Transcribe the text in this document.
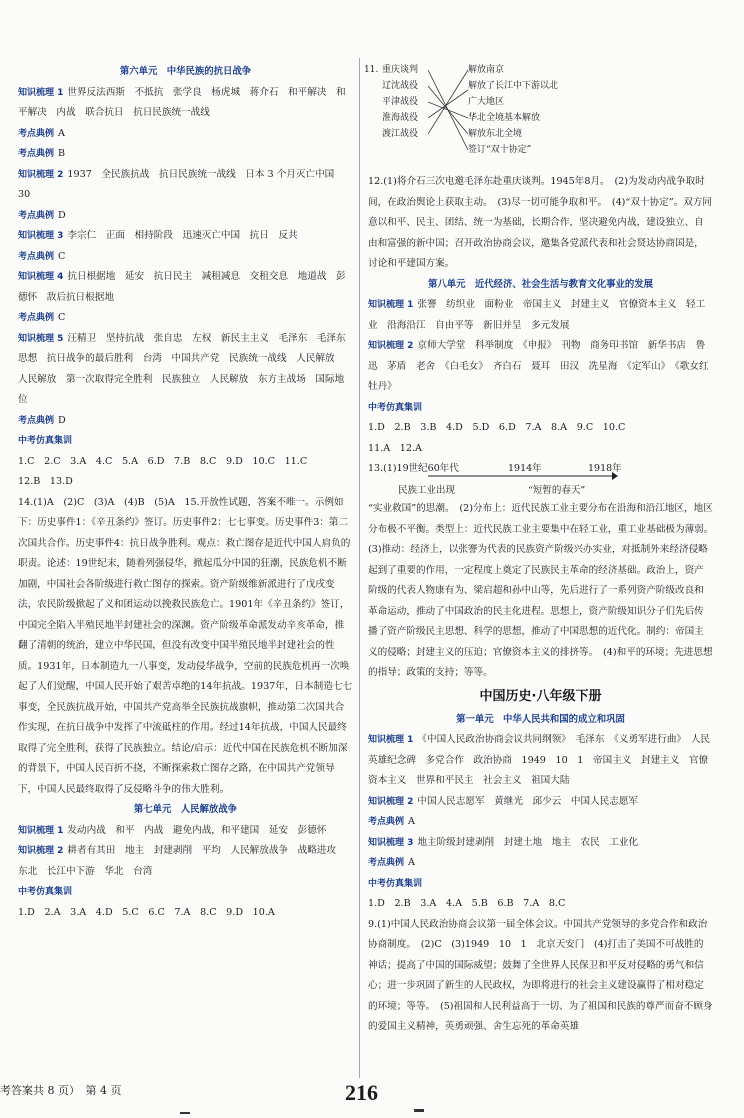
第六单元　中华民族的抗日战争
知识梳理 1 世界反法西斯　不抵抗　张学良　杨虎城　蒋介石　和平解决　和平解决　内战　联合抗日　抗日民族统一战线
考点典例 A
考点典例 B
知识梳理 2 1937　全民族抗战　抗日民族统一战线　日本 3 个月灭亡中国　30
考点典例 D
知识梳理 3 李宗仁　正面　相持阶段　迅速灭亡中国　抗日　反共
考点典例 C
知识梳理 4 抗日根据地　延安　抗日民主　减租减息　交租交息　地道战　彭德怀　敌后抗日根据地
考点典例 C
知识梳理 5 汪精卫　坚持抗战　张自忠　左权　新民主主义　毛泽东　毛泽东思想　抗日战争的最后胜利　台湾　中国共产党　民族统一战线　人民解放　人民解放　第一次取得完全胜利　民族独立　人民解放　东方主战场　国际地位
考点典例 D
中考仿真集训
1.C　2.C　3.A　4.C　5.A　6.D　7.B　8.C　9.D　10.C　11.C
12.B　13.D
14.(1)A　(2)C　(3)A　(4)B　(5)A　15.开放性试题，答案不唯一。示例如下：历史事件1：《辛丑条约》签订。历史事件2：七七事变。历史事件3：第二次国共合作。历史事件4：抗日战争胜利。观点：救亡图存是近代中国人肩负的职责。论述：19世纪末，随着列强侵华，掀起瓜分中国的狂潮，民族危机不断加剧，中国社会各阶级进行救亡图存的探索。资产阶级维新派进行了戊戌变法，农民阶级掀起了义和团运动以挽救民族危亡。1901年《辛丑条约》签订，中国完全陷入半殖民地半封建社会的深渊。资产阶级革命派发动辛亥革命，推翻了清朝的统治，建立中华民国，但没有改变中国半殖民地半封建社会的性质。1931年，日本制造九一八事变，发动侵华战争，空前的民族危机再一次唤起了人们觉醒，中国人民开始了艰苦卓绝的14年抗战。1937年，日本制造七七事变，全民族抗战开始，中国共产党高举全民族抗战旗帜，推动第二次国共合作实现，在抗日战争中发挥了中流砥柱的作用。经过14年抗战，中国人民最终取得了完全胜利，获得了民族独立。结论/启示：近代中国在民族危机不断加深的背景下，中国人民百折不挠，不断探索救亡图存之路，在中国共产党领导下，中国人民最终取得了反侵略斗争的伟大胜利。
第七单元　人民解放战争
知识梳理 1 发动内战　和平　内战　避免内战，和平建国　延安　彭德怀
知识梳理 2 耕者有其田　地主　封建剥削　平均　人民解放战争　战略进攻　东北　长江中下游　华北　台湾
中考仿真集训
1.D　2.A　3.A　4.D　5.C　6.C　7.A　8.C　9.D　10.A
11. 重庆谈判
辽沈战役
平津战役
淮海战役
渡江战役
解放南京
解放了长江中下游以北广大地区
华北全境基本解放
解放东北全境
签订“双十协定”
12.(1)将介石三次电邀毛泽东赴重庆谈判。1945年8月。　(2)为发动内战争取时间，在政治舆论上获取主动。　(3)尽一切可能争取和平。　(4)“双十协定”。双方同意以和平、民主、团结、统一为基础，长期合作，坚决避免内战，建设独立、自由和富强的新中国；召开政治协商会议，邀集各党派代表和社会贤达协商国是，讨论和平建国方案。
第八单元　近代经济、社会生活与教育文化事业的发展
知识梳理 1 张謇　纺织业　面粉业　帝国主义　封建主义　官僚资本主义　轻工业　沿海沿江　自由平等　新旧并呈　多元发展
知识梳理 2 京师大学堂　科举制度　《申报》　刊物　商务印书馆　新华书店　鲁迅　茅盾　老舍　《白毛女》　齐白石　聂耳　田汉　冼星海　《定军山》　《歌女红牡丹》
中考仿真集训
1.D　2.B　3.B　4.D　5.D　6.D　7.A　8.A　9.C　10.C
11.A　12.A
13.(1)19世纪60年代	1914年	1918年
民族工业出现	“短暂的春天”
“实业救国”的思潮。　(2)分布上：近代民族工业主要分布在沿海和沿江地区，地区分布极不平衡。类型上：近代民族工业主要集中在轻工业，重工业基础极为薄弱。　(3)推动：经济上，以张謇为代表的民族资产阶级兴办实业，对抵制外来经济侵略起到了重要的作用，一定程度上奠定了民族民主革命的经济基础。政治上，资产阶级的代表人物康有为、梁启超和孙中山等，先后进行了一系列资产阶级改良和革命运动，推动了中国政治的民主化进程。思想上，资产阶级知识分子们先后传播了资产阶级民主思想、科学的思想，推动了中国思想的近代化。制约：帝国主义的侵略；封建主义的压迫；官僚资本主义的排挤等。　(4)和平的环境；先进思想的指导；政策的支持；等等。
中国历史·八年级下册
第一单元　中华人民共和国的成立和巩固
知识梳理 1 《中国人民政治协商会议共同纲领》　毛泽东　《义勇军进行曲》　人民英雄纪念碑　多党合作　政治协商　1949　10　1　帝国主义　封建主义　官僚资本主义　世界和平民主　社会主义　祖国大陆
知识梳理 2 中国人民志愿军　黄继光　邱少云　中国人民志愿军
考点典例 A
知识梳理 3 地主阶级封建剥削　封建土地　地主　农民　工业化
考点典例 A
中考仿真集训
1.D　2.B　3.A　4.A　5.B　6.B　7.A　8.C
9.(1)中国人民政治协商会议第一届全体会议。中国共产党领导的多党合作和政治协商制度。　(2)C　(3)1949　10　1　北京天安门　(4)打击了美国不可战胜的神话；提高了中国的国际威望；鼓舞了全世界人民保卫和平反对侵略的勇气和信心；进一步巩固了新生的人民政权，为即将进行的社会主义建设赢得了相对稳定的环境；等等。　(5)祖国和人民利益高于一切、为了祖国和民族的尊严而奋不顾身的爱国主义精神，英勇顽强、舍生忘死的革命英雄
考答案共 8 页）　第 4 页	216
